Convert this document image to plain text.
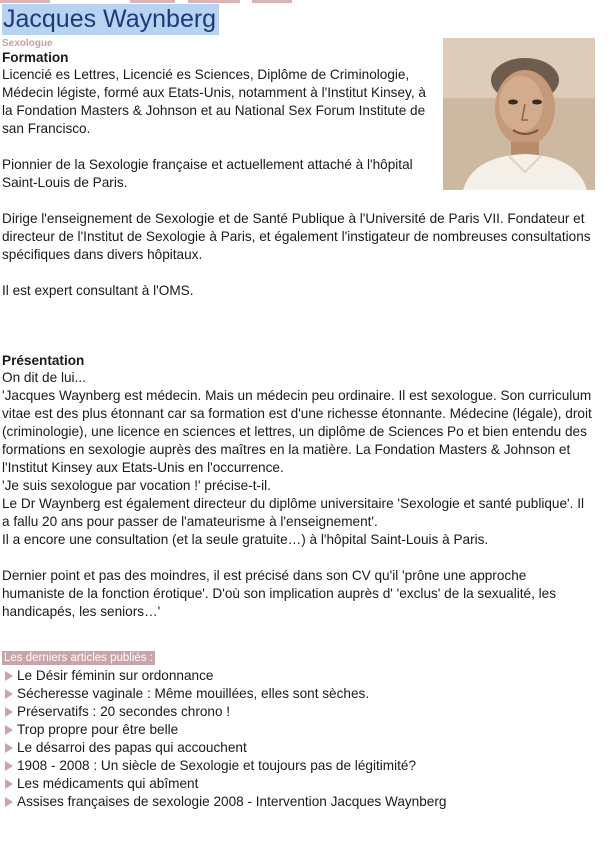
Jacques Waynberg
Sexologue
Formation

Licencié es Lettres, Licencié es Sciences, Diplôme de Criminologie, Médecin légiste, formé aux Etats-Unis, notamment à l'Institut Kinsey, à la Fondation Masters & Johnson et au National Sex Forum Institute de san Francisco.

Pionnier de la Sexologie française et actuellement attaché à l'hôpital Saint-Louis de Paris.

Dirige l'enseignement de Sexologie et de Santé Publique à l'Université de Paris VII. Fondateur et directeur de l'Institut de Sexologie à Paris, et également l'instigateur de nombreuses consultations spécifiques dans divers hôpitaux.

Il est expert consultant à l'OMS.

Présentation

On dit de lui...

'Jacques Waynberg est médecin. Mais un médecin peu ordinaire. Il est sexologue. Son curriculum vitae est des plus étonnant car sa formation est d'une richesse étonnante. Médecine (légale), droit (criminologie), une licence en sciences et lettres, un diplôme de Sciences Po et bien entendu des formations en sexologie auprès des maîtres en la matière. La Fondation Masters & Johnson et l'Institut Kinsey aux Etats-Unis en l'occurrence.

'Je suis sexologue par vocation !' précise-t-il.

Le Dr Waynberg est également directeur du diplôme universitaire 'Sexologie et santé publique'. Il a fallu 20 ans pour passer de l'amateurisme à l'enseignement'.

Il a encore une consultation (et la seule gratuite…) à l'hôpital Saint-Louis à Paris.

Dernier point et pas des moindres, il est précisé dans son CV qu'il 'prône une approche humaniste de la fonction érotique'. D'où son implication auprès d' 'exclus' de la sexualité, les handicapés, les seniors…'

Les derniers articles publiés :
Le Désir féminin sur ordonnance
Sécheresse vaginale : Même mouillées, elles sont sèches.
Préservatifs : 20 secondes chrono !
Trop propre pour être belle
Le désarroi des papas qui accouchent
1908 - 2008 : Un siècle de Sexologie et toujours pas de légitimité?
Les médicaments qui abîment
Assises françaises de sexologie 2008 - Intervention Jacques Waynberg
